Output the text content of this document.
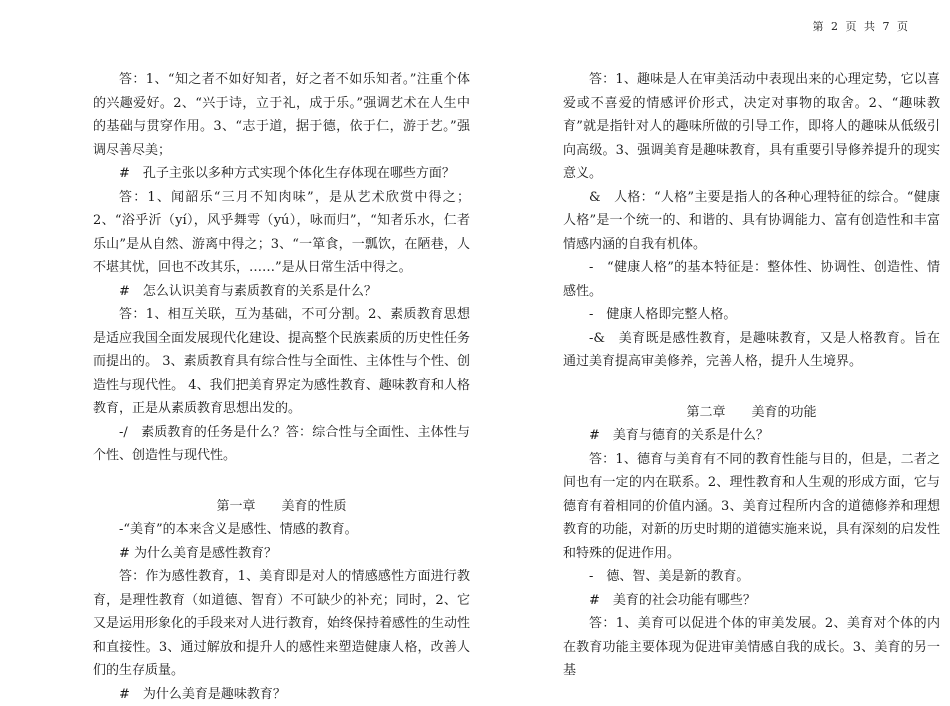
第 2 页 共 7 页

答：1、“知之者不如好知者，好之者不如乐知者。”注重个体的兴趣爱好。2、“兴于诗，立于礼，成于乐。”强调艺术在人生中的基础与贯穿作用。3、“志于道，据于德，依于仁，游于艺。”强调尽善尽美；

#　孔子主张以多种方式实现个体化生存体现在哪些方面？

答：1、闻韶乐“三月不知肉味”，是从艺术欣赏中得之；2、“浴乎沂（yí），风乎舞雩（yú），咏而归”，“知者乐水，仁者乐山”是从自然、游离中得之；3、“一箪食，一瓢饮，在陋巷，人不堪其忧，回也不改其乐，……”是从日常生活中得之。

#　怎么认识美育与素质教育的关系是什么？

答：1、相互关联，互为基础，不可分割。2、素质教育思想是适应我国全面发展现代化建设、提高整个民族素质的历史性任务而提出的。 3、素质教育具有综合性与全面性、主体性与个性、创造性与现代性。 4、我们把美育界定为感性教育、趣味教育和人格教育，正是从素质教育思想出发的。

-/　素质教育的任务是什么？答：综合性与全面性、主体性与个性、创造性与现代性。

第一章　　美育的性质

-“美育”的本来含义是感性、情感的教育。

# 为什么美育是感性教育？

答：作为感性教育，1、美育即是对人的情感感性方面进行教育，是理性教育（如道德、智育）不可缺少的补充；同时，2、它又是运用形象化的手段来对人进行教育，始终保持着感性的生动性和直接性。3、通过解放和提升人的感性来塑造健康人格，改善人们的生存质量。

#　为什么美育是趣味教育？

答：1、趣味是人在审美活动中表现出来的心理定势，它以喜爱或不喜爱的情感评价形式，决定对事物的取舍。2、“趣味教育”就是指针对人的趣味所做的引导工作，即将人的趣味从低级引向高级。3、强调美育是趣味教育，具有重要引导修养提升的现实意义。

&　人格：“人格”主要是指人的各种心理特征的综合。“健康人格”是一个统一的、和谐的、具有协调能力、富有创造性和丰富情感内涵的自我有机体。

-　“健康人格”的基本特征是：整体性、协调性、创造性、情感性。

-　健康人格即完整人格。

-&　美育既是感性教育，是趣味教育，又是人格教育。旨在通过美育提高审美修养，完善人格，提升人生境界。

第二章　　美育的功能

#　美育与德育的关系是什么？

答：1、德育与美育有不同的教育性能与目的，但是，二者之间也有一定的内在联系。2、理性教育和人生观的形成方面，它与德育有着相同的价值内涵。3、美育过程所内含的道德修养和理想教育的功能，对新的历史时期的道德实施来说，具有深刻的启发性和特殊的促进作用。

-　德、智、美是新的教育。

#　美育的社会功能有哪些？

答：1、美育可以促进个体的审美发展。2、美育对个体的内在教育功能主要体现为促进审美情感自我的成长。3、美育的另一基
